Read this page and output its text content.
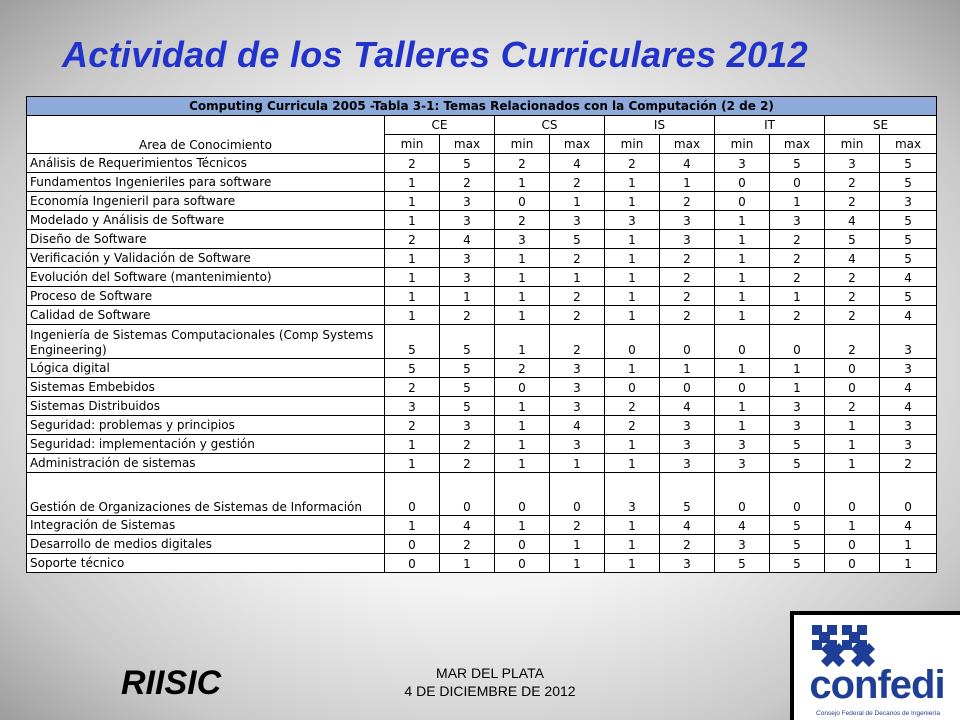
Actividad de los Talleres Curriculares 2012
Computing Curricula 2005 -Tabla 3-1: Temas Relacionados con la Computación (2 de 2)										
Area de Conocimiento	CE		CS		IS		IT		SE	
	min	max	min	max	min	max	min	max	min	max
Análisis de Requerimientos Técnicos	2	5	2	4	2	4	3	5	3	5
Fundamentos Ingenieriles para software	1	2	1	2	1	1	0	0	2	5
Economía Ingenieril para software	1	3	0	1	1	2	0	1	2	3
Modelado y Análisis de Software	1	3	2	3	3	3	1	3	4	5
Diseño de Software	2	4	3	5	1	3	1	2	5	5
Verificación y Validación de Software	1	3	1	2	1	2	1	2	4	5
Evolución del Software (mantenimiento)	1	3	1	1	1	2	1	2	2	4
Proceso de Software	1	1	1	2	1	2	1	1	2	5
Calidad de Software	1	2	1	2	1	2	1	2	2	4
Ingeniería de Sistemas Computacionales (Comp Systems Engineering)	5	5	1	2	0	0	0	0	2	3
Lógica digital	5	5	2	3	1	1	1	1	0	3
Sistemas Embebidos	2	5	0	3	0	0	0	1	0	4
Sistemas Distribuidos	3	5	1	3	2	4	1	3	2	4
Seguridad: problemas y principios	2	3	1	4	2	3	1	3	1	3
Seguridad: implementación y gestión	1	2	1	3	1	3	3	5	1	3
Administración de sistemas	1	2	1	1	1	3	3	5	1	2
Gestión de Organizaciones de Sistemas de Información	0	0	0	0	3	5	0	0	0	0
Integración de Sistemas	1	4	1	2	1	4	4	5	1	4
Desarrollo de medios digitales	0	2	0	1	1	2	3	5	0	1
Soporte técnico	0	1	0	1	1	3	5	5	0	1
RIISIC	MAR DEL PLATA
4 DE DICIEMBRE DE 2012	confedi
Consejo Federal de Decanos de Ingeniería
